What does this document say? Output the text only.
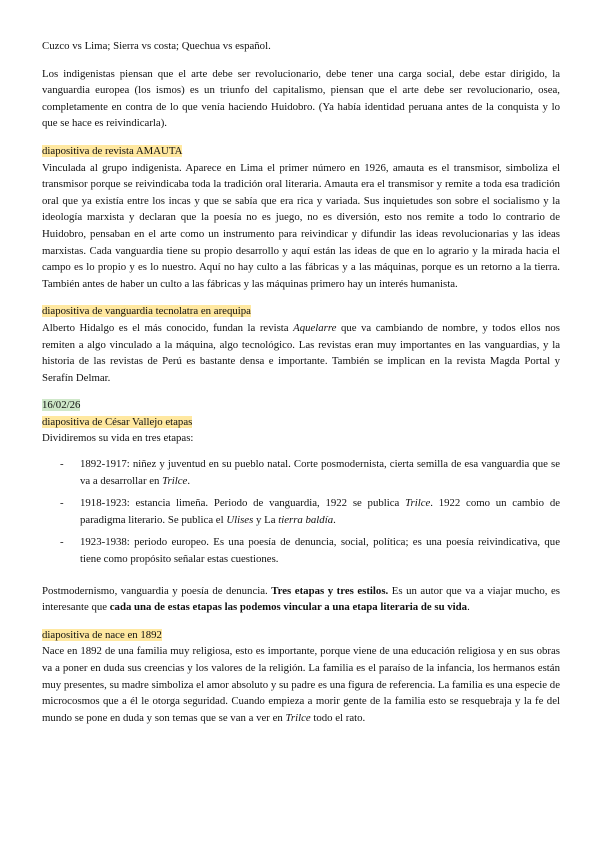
Cuzco vs Lima; Sierra vs costa; Quechua vs español.

Los indigenistas piensan que el arte debe ser revolucionario, debe tener una carga social, debe estar dirigido, la vanguardia europea (los ismos) es un triunfo del capitalismo, piensan que el arte debe ser revolucionario, osea, completamente en contra de lo que venía haciendo Huidobro. (Ya había identidad peruana antes de la conquista y lo que se hace es reivindicarla).

diapositiva de revista AMAUTA

Vinculada al grupo indigenista. Aparece en Lima el primer número en 1926, amauta es el transmisor, simboliza el transmisor porque se reivindicaba toda la tradición oral literaria. Amauta era el transmisor y remite a toda esa tradición oral que ya existía entre los incas y que se sabía que era rica y variada. Sus inquietudes son sobre el socialismo y la ideología marxista y declaran que la poesía no es juego, no es diversión, esto nos remite a todo lo contrario de Huidobro, pensaban en el arte como un instrumento para reivindicar y difundir las ideas revolucionarias y las ideas marxistas. Cada vanguardia tiene su propio desarrollo y aquí están las ideas de que en lo agrario y la mirada hacia el campo es lo propio y es lo nuestro. Aquí no hay culto a las fábricas y a las máquinas, porque es un retorno a la tierra. También antes de haber un culto a las fábricas y las máquinas primero hay un interés humanista.

diapositiva de vanguardia tecnolatra en arequipa

Alberto Hidalgo es el más conocido, fundan la revista Aquelarre que va cambiando de nombre, y todos ellos nos remiten a algo vinculado a la máquina, algo tecnológico. Las revistas eran muy importantes en las vanguardias, y la historia de las revistas de Perú es bastante densa e importante. También se implican en la revista Magda Portal y Serafín Delmar.

16/02/26

diapositiva de César Vallejo etapas

Dividiremos su vida en tres etapas:

- 1892-1917: niñez y juventud en su pueblo natal. Corte posmodernista, cierta semilla de esa vanguardia que se va a desarrollar en Trilce.
- 1918-1923: estancia limeña. Periodo de vanguardia, 1922 se publica Trilce. 1922 como un cambio de paradigma literario. Se publica el Ulises y La tierra baldía.
- 1923-1938: periodo europeo. Es una poesía de denuncia, social, política; es una poesía reivindicativa, que tiene como propósito señalar estas cuestiones.

Postmodernismo, vanguardia y poesía de denuncia. Tres etapas y tres estilos. Es un autor que va a viajar mucho, es interesante que cada una de estas etapas las podemos vincular a una etapa literaria de su vida.

diapositiva de nace en 1892

Nace en 1892 de una familia muy religiosa, esto es importante, porque viene de una educación religiosa y en sus obras va a poner en duda sus creencias y los valores de la religión. La familia es el paraíso de la infancia, los hermanos están muy presentes, su madre simboliza el amor absoluto y su padre es una figura de referencia. La familia es una especie de microcosmos que a él le otorga seguridad. Cuando empieza a morir gente de la familia esto se resquebraja y la fe del mundo se pone en duda y son temas que se van a ver en Trilce todo el rato.
